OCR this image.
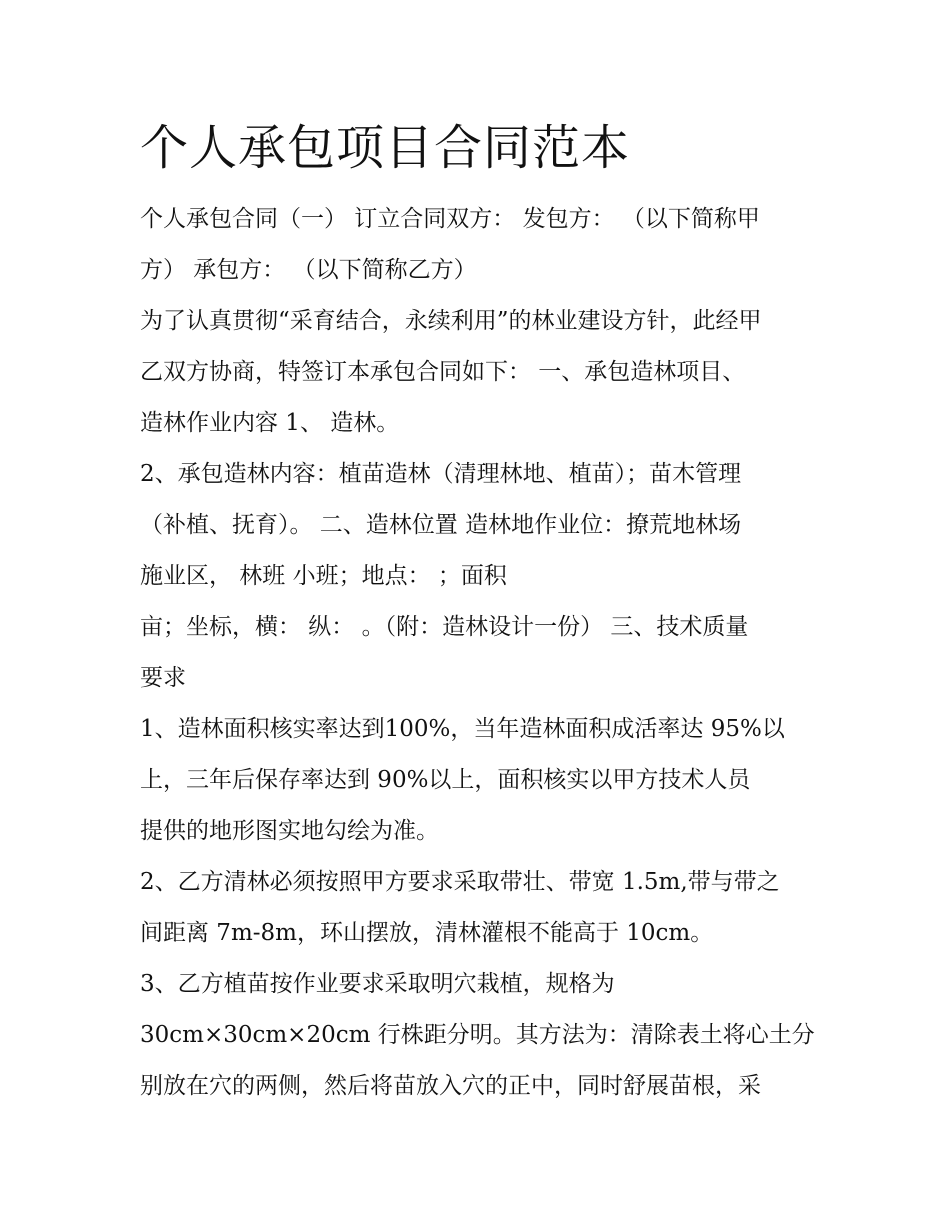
个人承包项目合同范本

个人承包合同（一） 订立合同双方： 发包方： （以下简称甲

方） 承包方： （以下简称乙方）

为了认真贯彻“采育结合，永续利用”的林业建设方针，此经甲

乙双方协商，特签订本承包合同如下： 一、承包造林项目、

造林作业内容 1、 造林。

2、承包造林内容：植苗造林（清理林地、植苗）；苗木管理

（补植、抚育）。 二、造林位置 造林地作业位：撩荒地林场

施业区， 林班 小班；地点： ；面积

亩；坐标，横： 纵： 。（附：造林设计一份） 三、技术质量

要求

1、造林面积核实率达到100%，当年造林面积成活率达 95%以

上，三年后保存率达到 90%以上，面积核实以甲方技术人员

提供的地形图实地勾绘为准。

2、乙方清林必须按照甲方要求采取带壮、带宽 1.5m,带与带之

间距离 7m-8m，环山摆放，清林灌根不能高于 10cm。

3、乙方植苗按作业要求采取明穴栽植，规格为

30cm×30cm×20cm 行株距分明。其方法为：清除表土将心土分

别放在穴的两侧，然后将苗放入穴的正中，同时舒展苗根，采
